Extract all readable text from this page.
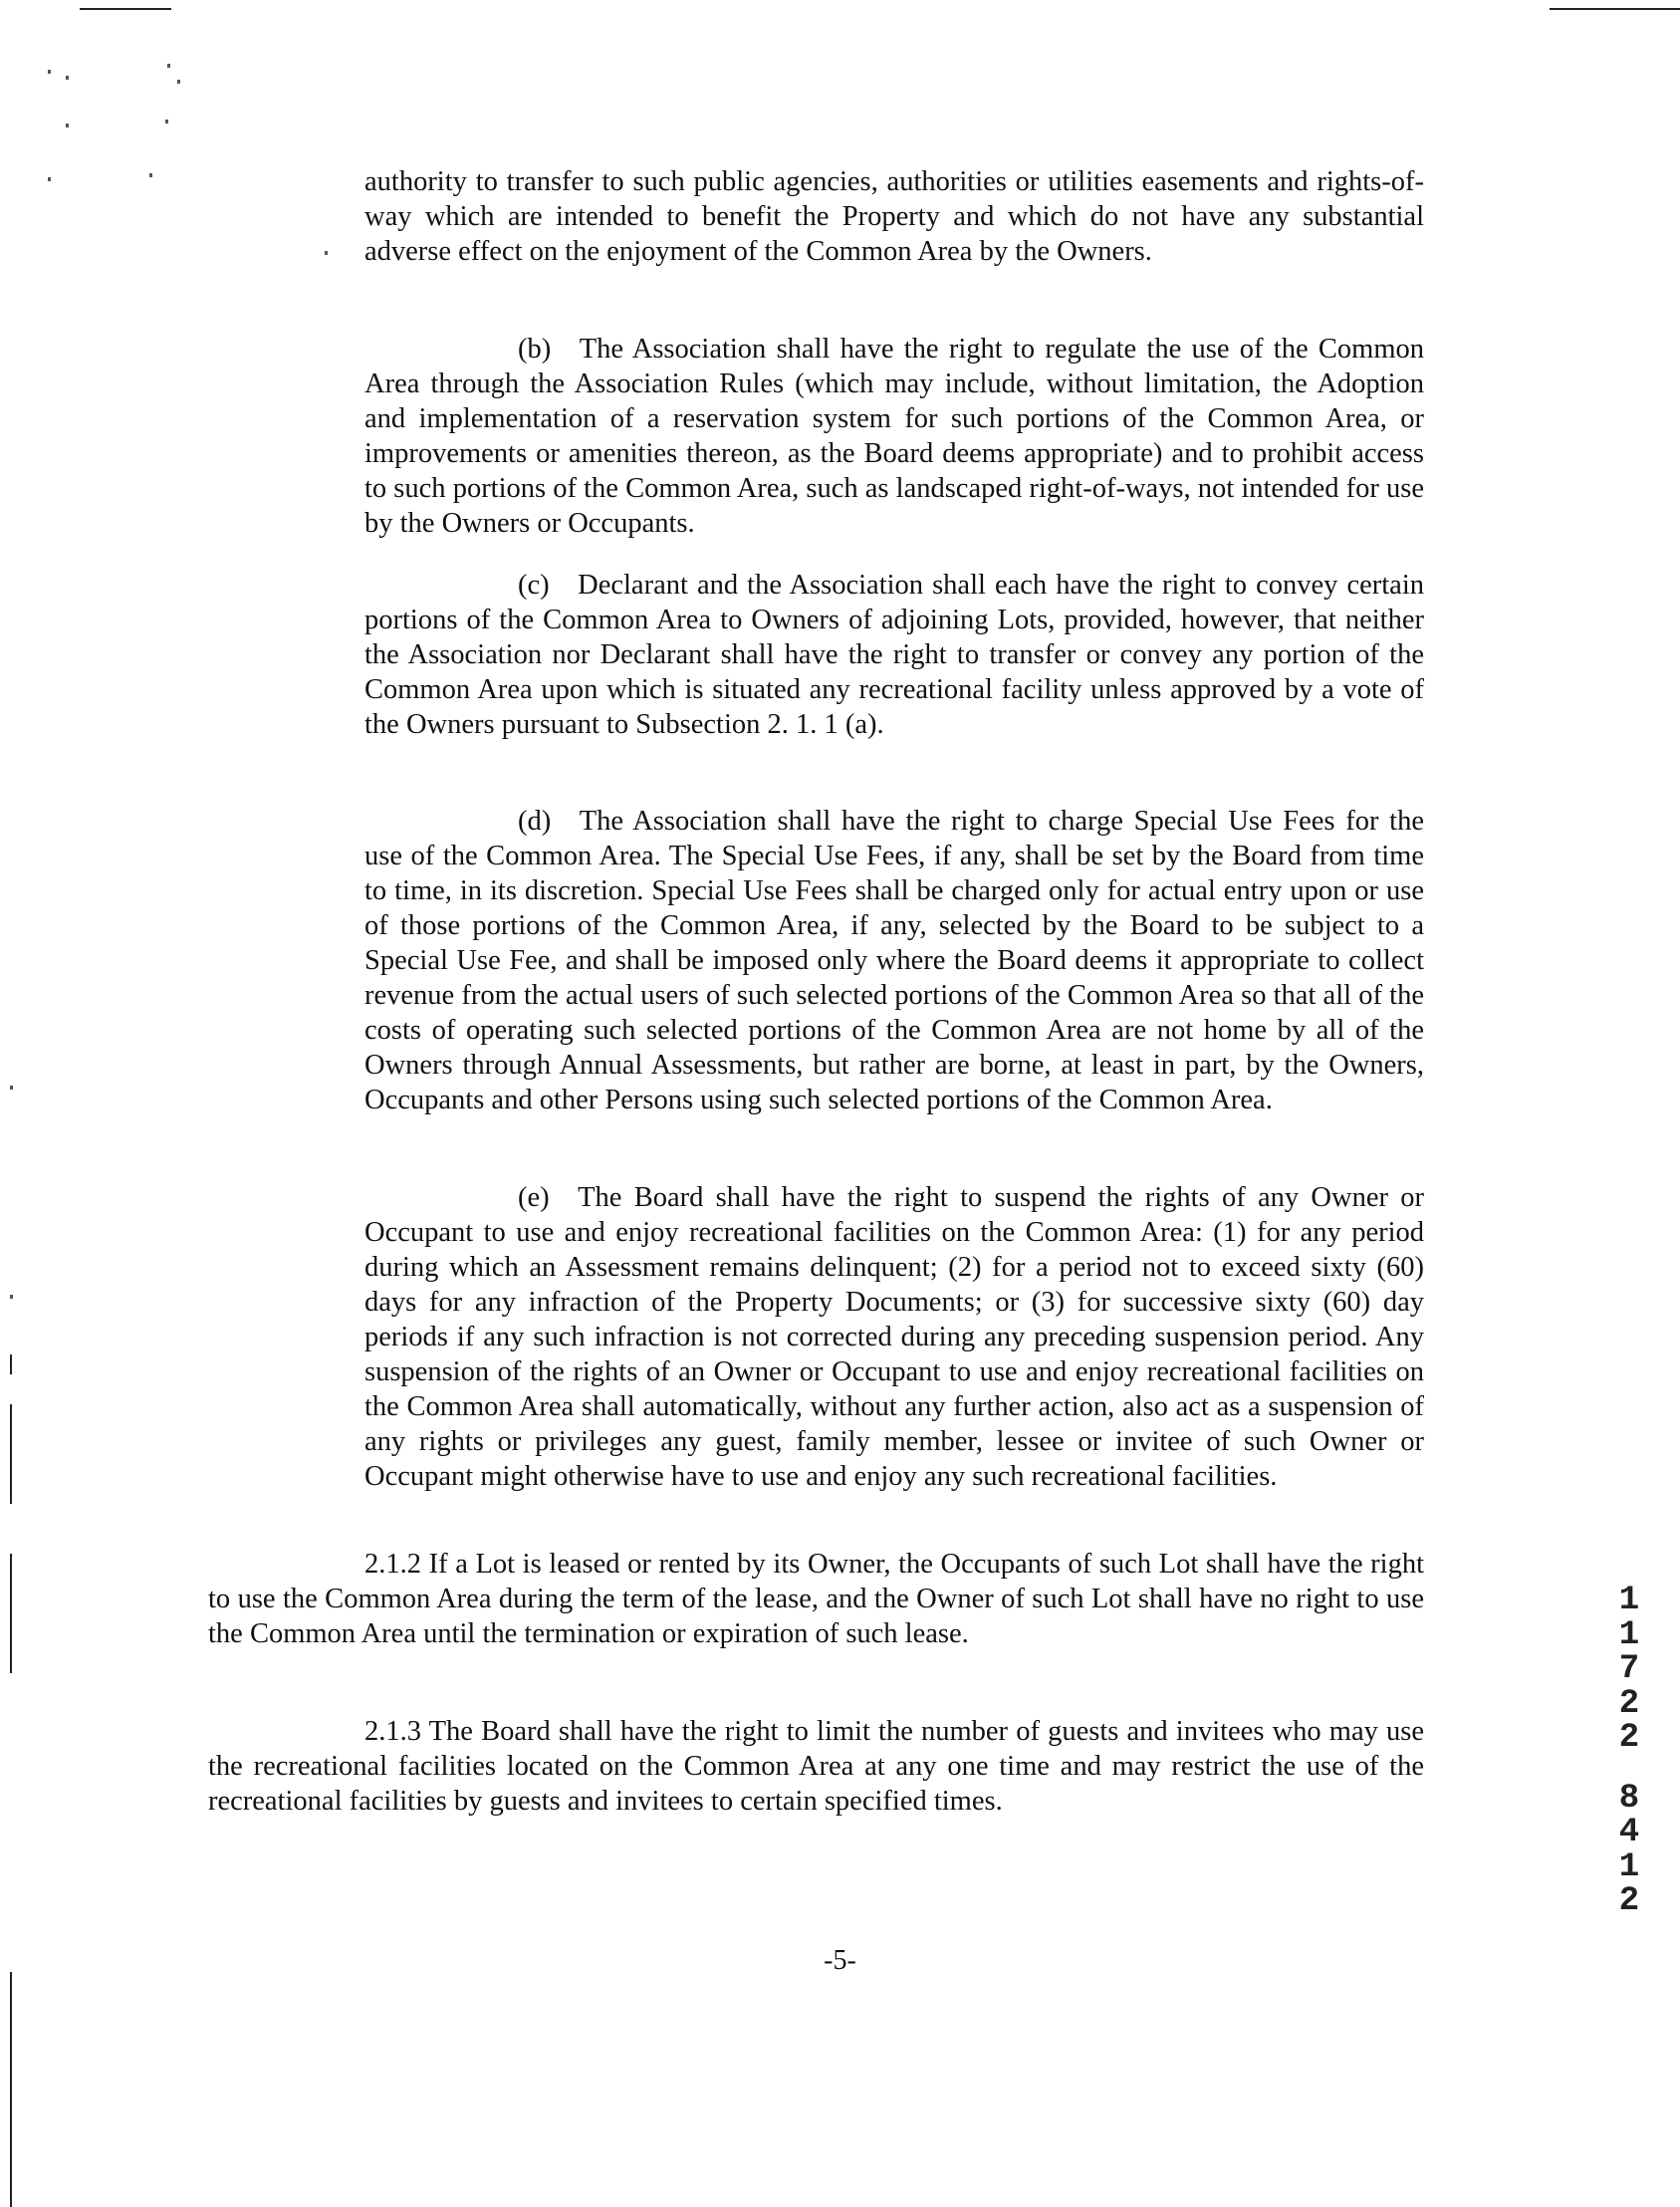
authority to transfer to such public agencies, authorities or utilities easements and rights-of-way which are intended to benefit the Property and which do not have any substantial adverse effect on the enjoyment of the Common Area by the Owners.

(b) The Association shall have the right to regulate the use of the Common Area through the Association Rules (which may include, without limitation, the Adoption and implementation of a reservation system for such portions of the Common Area, or improvements or amenities thereon, as the Board deems appropriate) and to prohibit access to such portions of the Common Area, such as landscaped right-of-ways, not intended for use by the Owners or Occupants.

(c) Declarant and the Association shall each have the right to convey certain portions of the Common Area to Owners of adjoining Lots, provided, however, that neither the Association nor Declarant shall have the right to transfer or convey any portion of the Common Area upon which is situated any recreational facility unless approved by a vote of the Owners pursuant to Subsection 2. 1. 1 (a).

(d) The Association shall have the right to charge Special Use Fees for the use of the Common Area. The Special Use Fees, if any, shall be set by the Board from time to time, in its discretion. Special Use Fees shall be charged only for actual entry upon or use of those portions of the Common Area, if any, selected by the Board to be subject to a Special Use Fee, and shall be imposed only where the Board deems it appropriate to collect revenue from the actual users of such selected portions of the Common Area so that all of the costs of operating such selected portions of the Common Area are not home by all of the Owners through Annual Assessments, but rather are borne, at least in part, by the Owners, Occupants and other Persons using such selected portions of the Common Area.

(e) The Board shall have the right to suspend the rights of any Owner or Occupant to use and enjoy recreational facilities on the Common Area: (1) for any period during which an Assessment remains delinquent; (2) for a period not to exceed sixty (60) days for any infraction of the Property Documents; or (3) for successive sixty (60) day periods if any such infraction is not corrected during any preceding suspension period. Any suspension of the rights of an Owner or Occupant to use and enjoy recreational facilities on the Common Area shall automatically, without any further action, also act as a suspension of any rights or privileges any guest, family member, lessee or invitee of such Owner or Occupant might otherwise have to use and enjoy any such recreational facilities.

2.1.2 If a Lot is leased or rented by its Owner, the Occupants of such Lot shall have the right to use the Common Area during the term of the lease, and the Owner of such Lot shall have no right to use the Common Area until the termination or expiration of such lease.

2.1.3 The Board shall have the right to limit the number of guests and invitees who may use the recreational facilities located on the Common Area at any one time and may restrict the use of the recreational facilities by guests and invitees to certain specified times.

-5-
1
1
7
2
2
8
4
1
2
